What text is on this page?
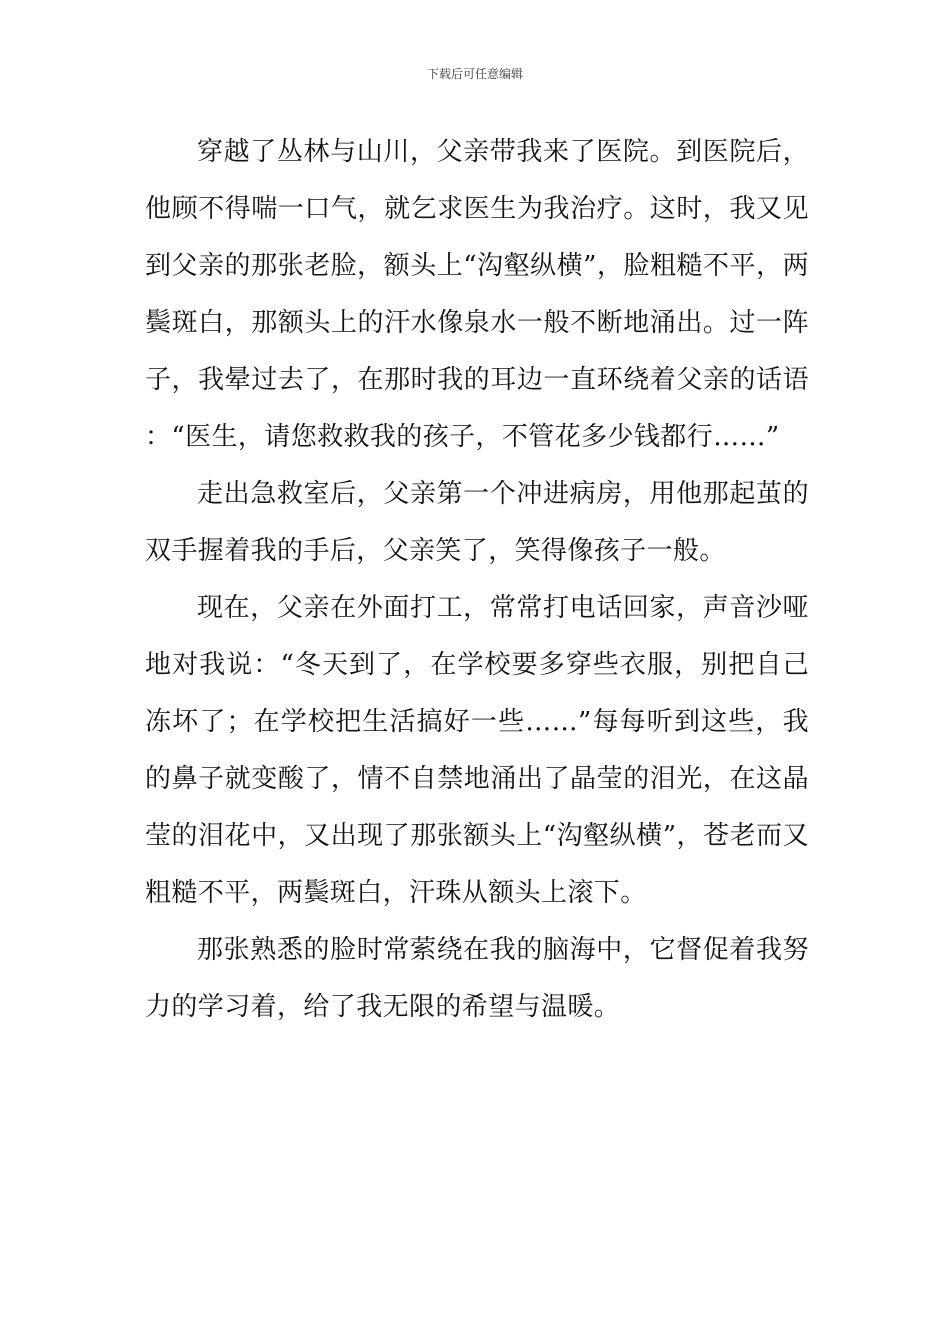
下载后可任意编辑

穿越了丛林与山川，父亲带我来了医院。到医院后，他顾不得喘一口气，就乞求医生为我治疗。这时，我又见到父亲的那张老脸，额头上“沟壑纵横”，脸粗糙不平，两鬓斑白，那额头上的汗水像泉水一般不断地涌出。过一阵子，我晕过去了，在那时我的耳边一直环绕着父亲的话语：“医生，请您救救我的孩子，不管花多少钱都行……”

走出急救室后，父亲第一个冲进病房，用他那起茧的双手握着我的手后，父亲笑了，笑得像孩子一般。

现在，父亲在外面打工，常常打电话回家，声音沙哑地对我说：“冬天到了，在学校要多穿些衣服，别把自己冻坏了；在学校把生活搞好一些……”每每听到这些，我的鼻子就变酸了，情不自禁地涌出了晶莹的泪光，在这晶莹的泪花中，又出现了那张额头上“沟壑纵横”，苍老而又粗糙不平，两鬓斑白，汗珠从额头上滚下。

那张熟悉的脸时常萦绕在我的脑海中，它督促着我努力的学习着，给了我无限的希望与温暖。
